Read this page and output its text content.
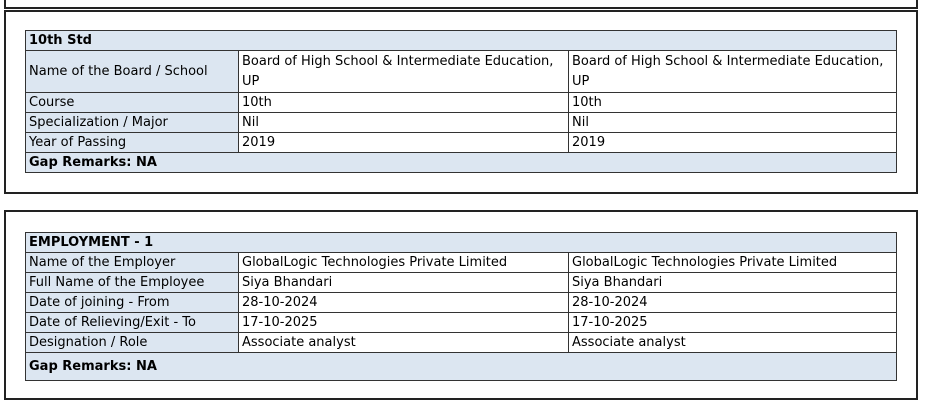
10th Std		
Name of the Board / School	Board of High School & Intermediate Education, UP	Board of High School & Intermediate Education, UP
Course	10th	10th
Specialization / Major	Nil	Nil
Year of Passing	2019	2019
Gap Remarks: NA		
EMPLOYMENT - 1		
Name of the Employer	GlobalLogic Technologies Private Limited	GlobalLogic Technologies Private Limited
Full Name of the Employee	Siya Bhandari	Siya Bhandari
Date of joining - From	28-10-2024	28-10-2024
Date of Relieving/Exit - To	17-10-2025	17-10-2025
Designation / Role	Associate analyst	Associate analyst
Gap Remarks: NA		
